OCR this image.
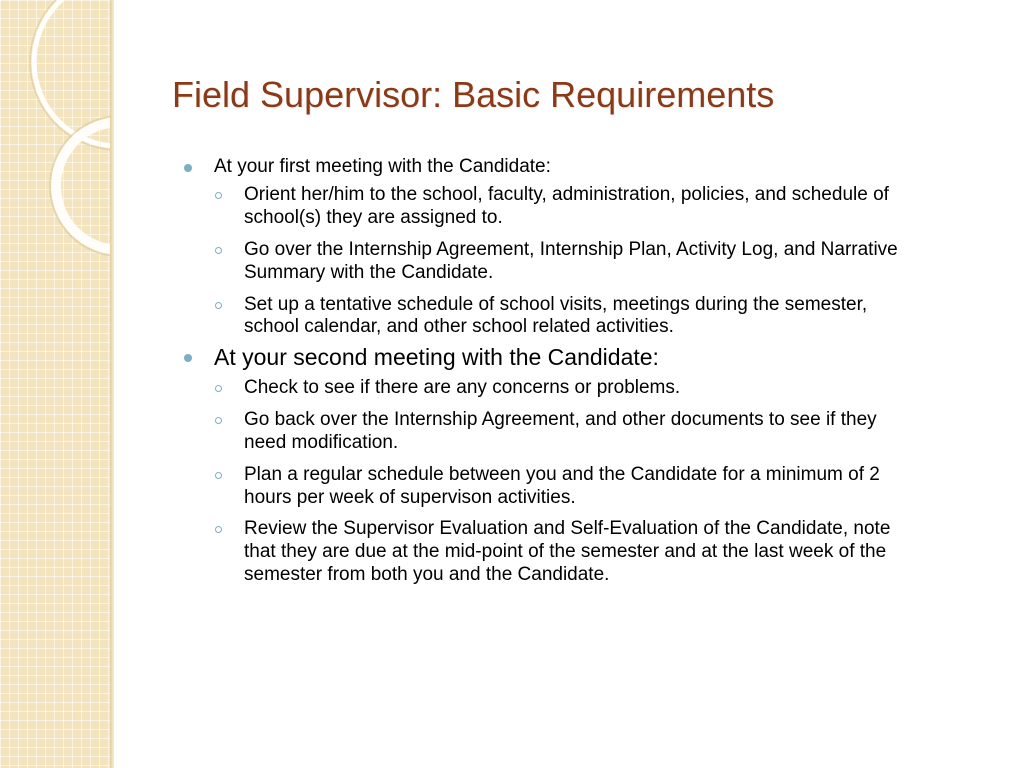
Field Supervisor: Basic Requirements
At your first meeting with the Candidate:
Orient her/him to the school, faculty, administration, policies, and schedule of school(s) they are assigned to.
Go over the Internship Agreement, Internship Plan, Activity Log, and Narrative Summary with the Candidate.
Set up a tentative schedule of school visits, meetings during the semester, school calendar, and other school related activities.
At your second meeting with the Candidate:
Check to see if there are any concerns or problems.
Go back over the Internship Agreement, and other documents to see if they need modification.
Plan a regular schedule between you and the Candidate for a minimum of 2 hours per week of supervison activities.
Review the Supervisor Evaluation and Self-Evaluation of the Candidate, note that they are due at the mid-point of the semester and at the last week of the semester from both you and the Candidate.
